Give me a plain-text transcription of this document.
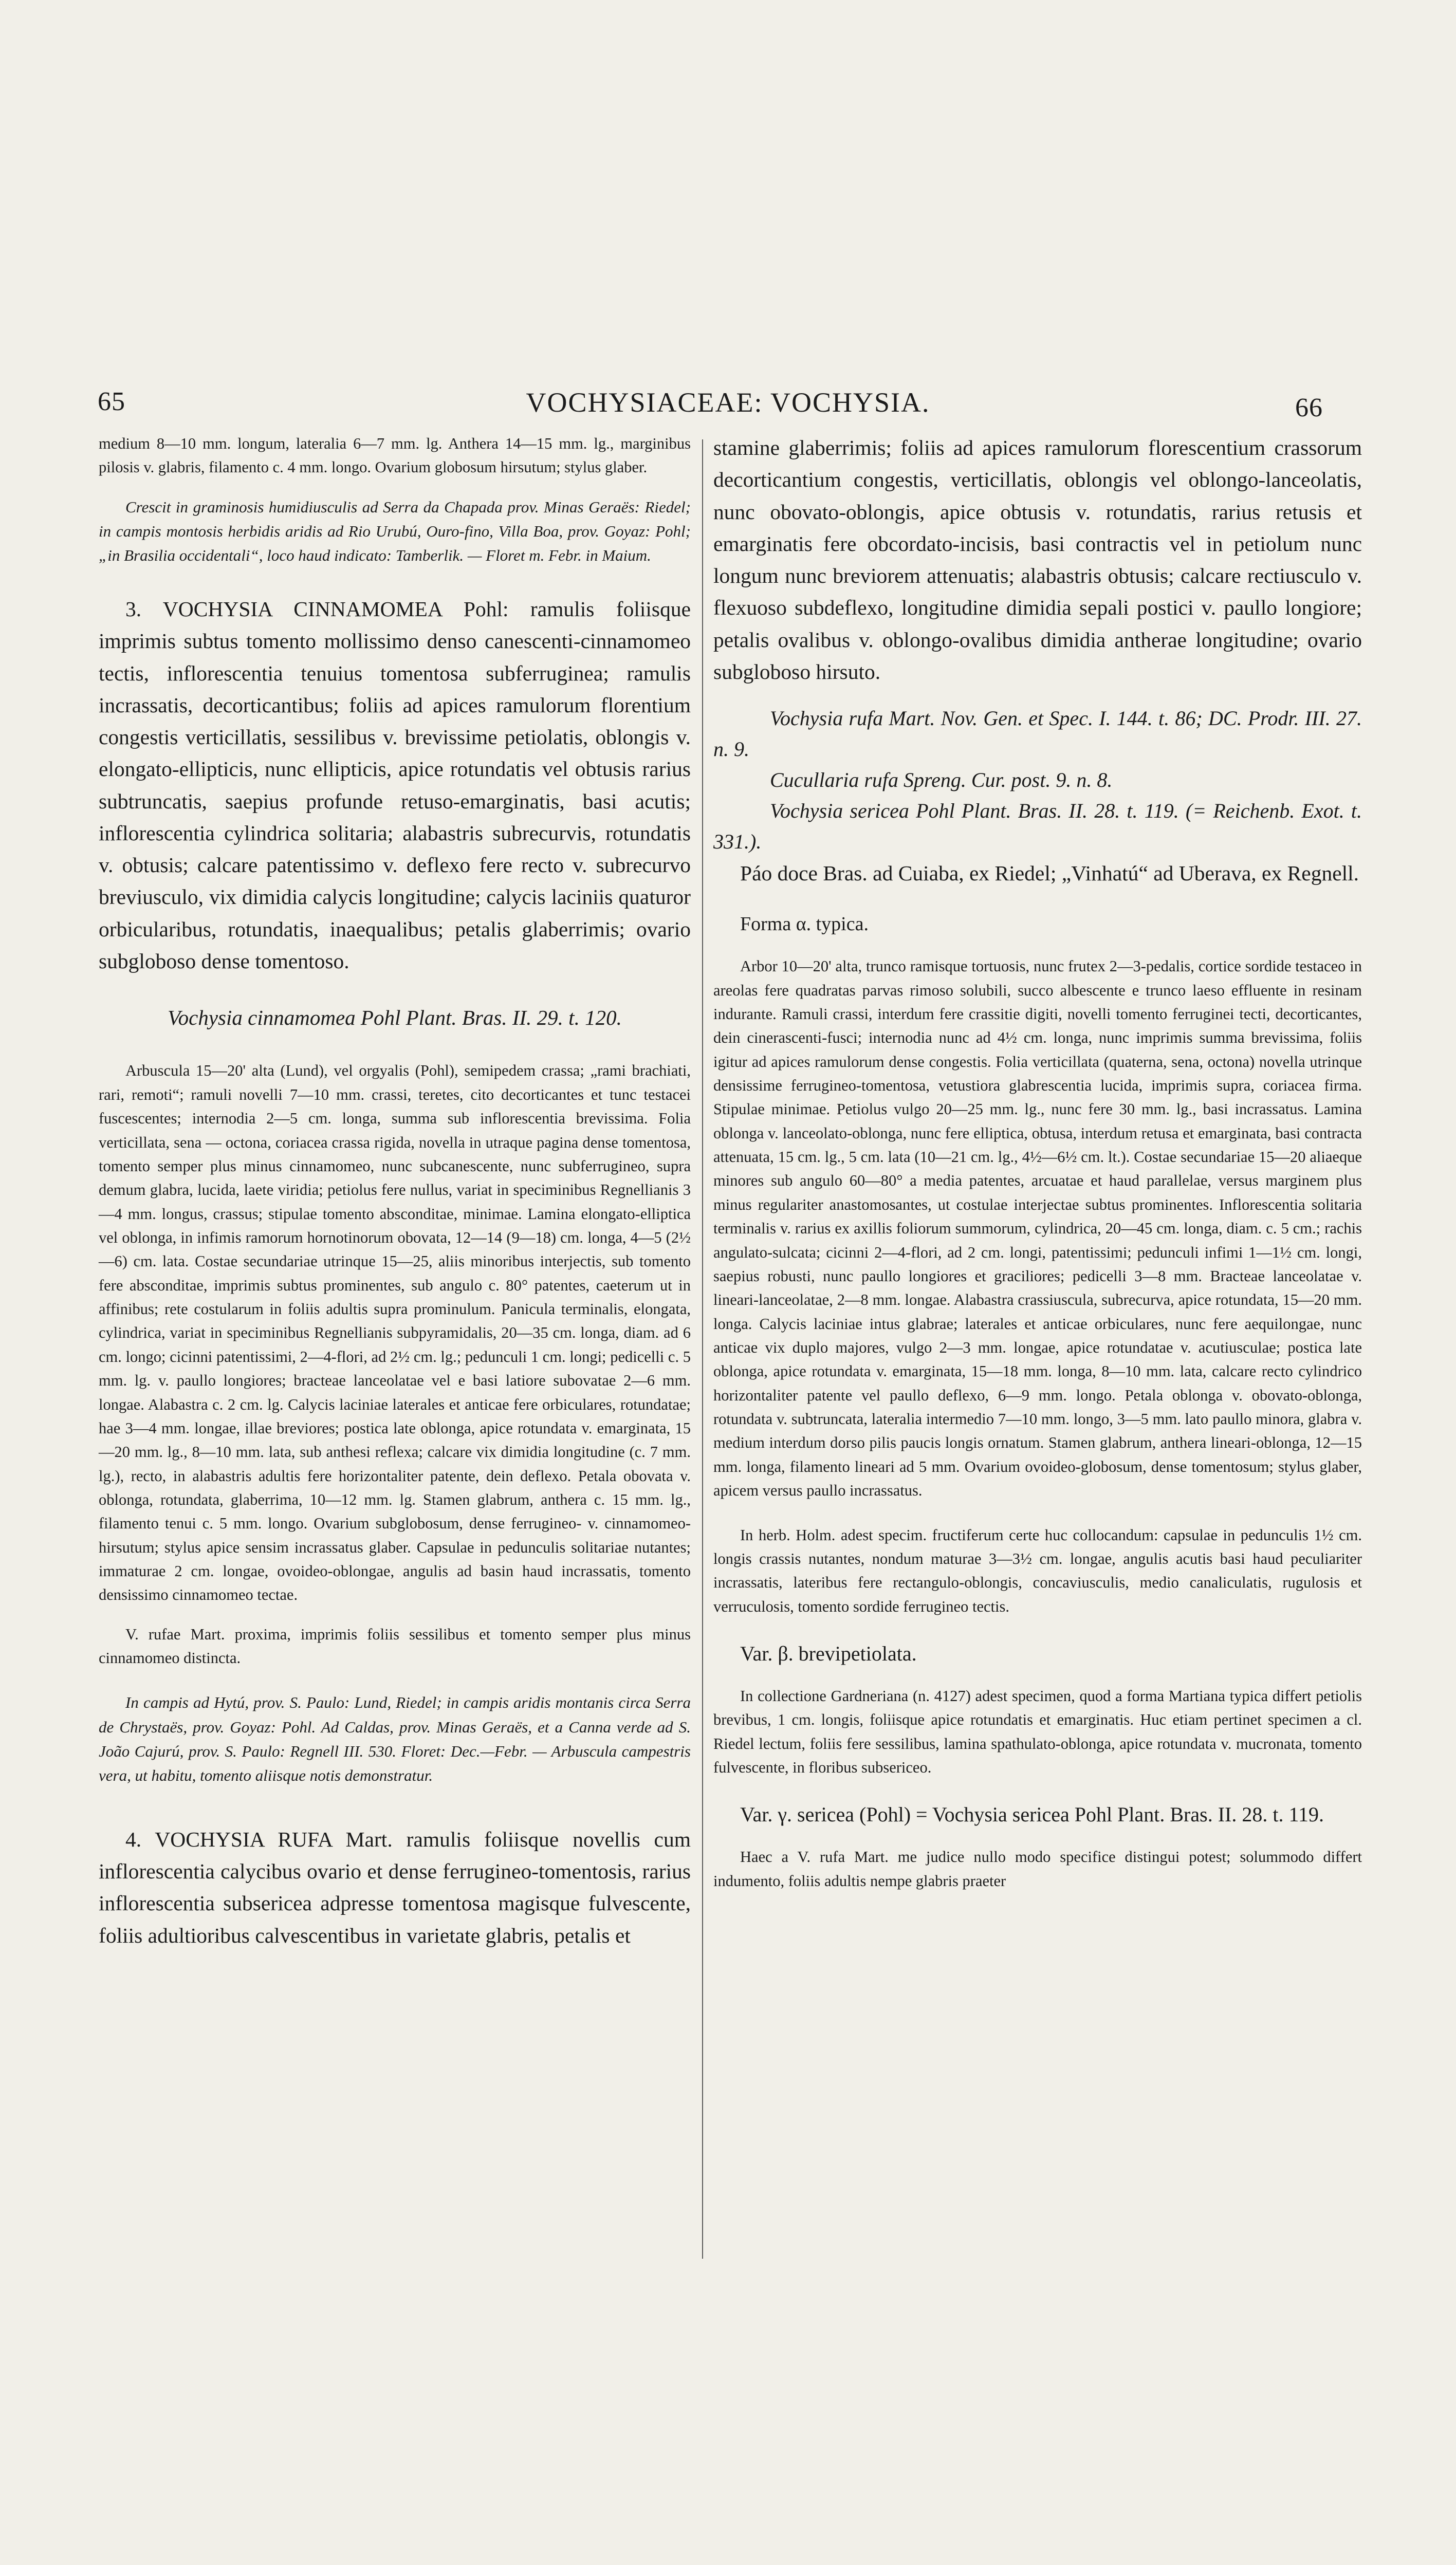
65	VOCHYSIACEAE: VOCHYSIA.	66

medium 8—10 mm. longum, lateralia 6—7 mm. lg. Anthera 14—15 mm. lg., marginibus pilosis v. glabris, filamento c. 4 mm. longo. Ovarium globosum hirsutum; stylus glaber.

Crescit in graminosis humidiusculis ad Serra da Chapada prov. Minas Geraës: Riedel; in campis montosis herbidis aridis ad Rio Urubú, Ouro-fino, Villa Boa, prov. Goyaz: Pohl; „in Brasilia occidentali“, loco haud indicato: Tamberlik. — Floret m. Febr. in Maium.

3. VOCHYSIA CINNAMOMEA Pohl: ramulis foliisque imprimis subtus tomento mollissimo denso canescenti-cinnamomeo tectis, inflorescentia tenuius tomentosa subferruginea; ramulis incrassatis, decorticantibus; foliis ad apices ramulorum florentium congestis verticillatis, sessilibus v. brevissime petiolatis, oblongis v. elongato-ellipticis, nunc ellipticis, apice rotundatis vel obtusis rarius subtruncatis, saepius profunde retuso-emarginatis, basi acutis; inflorescentia cylindrica solitaria; alabastris subrecurvis, rotundatis v. obtusis; calcare patentissimo v. deflexo fere recto v. subrecurvo breviusculo, vix dimidia calycis longitudine; calycis laciniis quaturor orbicularibus, rotundatis, inaequalibus; petalis glaberrimis; ovario subgloboso dense tomentoso.

Vochysia cinnamomea Pohl Plant. Bras. II. 29. t. 120.

Arbuscula 15—20' alta (Lund), vel orgyalis (Pohl), semipedem crassa; „rami brachiati, rari, remoti“; ramuli novelli 7—10 mm. crassi, teretes, cito decorticantes et tunc testacei fuscescentes; internodia 2—5 cm. longa, summa sub inflorescentia brevissima. Folia verticillata, sena — octona, coriacea crassa rigida, novella in utraque pagina dense tomentosa, tomento semper plus minus cinnamomeo, nunc subcanescente, nunc subferrugineo, supra demum glabra, lucida, laete viridia; petiolus fere nullus, variat in speciminibus Regnellianis 3—4 mm. longus, crassus; stipulae tomento absconditae, minimae. Lamina elongato-elliptica vel oblonga, in infimis ramorum hornotinorum obovata, 12—14 (9—18) cm. longa, 4—5 (2½—6) cm. lata. Costae secundariae utrinque 15—25, aliis minoribus interjectis, sub tomento fere absconditae, imprimis subtus prominentes, sub angulo c. 80° patentes, caeterum ut in affinibus; rete costularum in foliis adultis supra prominulum. Panicula terminalis, elongata, cylindrica, variat in speciminibus Regnellianis subpyramidalis, 20—35 cm. longa, diam. ad 6 cm. longo; cicinni patentissimi, 2—4-flori, ad 2½ cm. lg.; pedunculi 1 cm. longi; pedicelli c. 5 mm. lg. v. paullo longiores; bracteae lanceolatae vel e basi latiore subovatae 2—6 mm. longae. Alabastra c. 2 cm. lg. Calycis laciniae laterales et anticae fere orbiculares, rotundatae; hae 3—4 mm. longae, illae breviores; postica late oblonga, apice rotundata v. emarginata, 15—20 mm. lg., 8—10 mm. lata, sub anthesi reflexa; calcare vix dimidia longitudine (c. 7 mm. lg.), recto, in alabastris adultis fere horizontaliter patente, dein deflexo. Petala obovata v. oblonga, rotundata, glaberrima, 10—12 mm. lg. Stamen glabrum, anthera c. 15 mm. lg., filamento tenui c. 5 mm. longo. Ovarium subglobosum, dense ferrugineo- v. cinnamomeo-hirsutum; stylus apice sensim incrassatus glaber. Capsulae in pedunculis solitariae nutantes; immaturae 2 cm. longae, ovoideo-oblongae, angulis ad basin haud incrassatis, tomento densissimo cinnamomeo tectae.

V. rufae Mart. proxima, imprimis foliis sessilibus et tomento semper plus minus cinnamomeo distincta.

In campis ad Hytú, prov. S. Paulo: Lund, Riedel; in campis aridis montanis circa Serra de Chrystaës, prov. Goyaz: Pohl. Ad Caldas, prov. Minas Geraës, et a Canna verde ad S. João Cajurú, prov. S. Paulo: Regnell III. 530. Floret: Dec.—Febr. — Arbuscula campestris vera, ut habitu, tomento aliisque notis demonstratur.

4. VOCHYSIA RUFA Mart. ramulis foliisque novellis cum inflorescentia calycibus ovario et dense ferrugineo-tomentosis, rarius inflorescentia subsericea adpresse tomentosa magisque fulvescente, foliis adultioribus calvescentibus in varietate glabris, petalis et

stamine glaberrimis; foliis ad apices ramulorum florescentium crassorum decorticantium congestis, verticillatis, oblongis vel oblongo-lanceolatis, nunc obovato-oblongis, apice obtusis v. rotundatis, rarius retusis et emarginatis fere obcordato-incisis, basi contractis vel in petiolum nunc longum nunc breviorem attenuatis; alabastris obtusis; calcare rectiusculo v. flexuoso subdeflexo, longitudine dimidia sepali postici v. paullo longiore; petalis ovalibus v. oblongo-ovalibus dimidia antherae longitudine; ovario subgloboso hirsuto.

Vochysia rufa Mart. Nov. Gen. et Spec. I. 144. t. 86; DC. Prodr. III. 27. n. 9.

Cucullaria rufa Spreng. Cur. post. 9. n. 8.

Vochysia sericea Pohl Plant. Bras. II. 28. t. 119. (= Reichenb. Exot. t. 331.).

Páo doce Bras. ad Cuiaba, ex Riedel; „Vinhatú“ ad Uberava, ex Regnell.

Forma α. typica.

Arbor 10—20' alta, trunco ramisque tortuosis, nunc frutex 2—3-pedalis, cortice sordide testaceo in areolas fere quadratas parvas rimoso solubili, succo albescente e trunco laeso effluente in resinam indurante. Ramuli crassi, interdum fere crassitie digiti, novelli tomento ferruginei tecti, decorticantes, dein cinerascenti-fusci; internodia nunc ad 4½ cm. longa, nunc imprimis summa brevissima, foliis igitur ad apices ramulorum dense congestis. Folia verticillata (quaterna, sena, octona) novella utrinque densissime ferrugineo-tomentosa, vetustiora glabrescentia lucida, imprimis supra, coriacea firma. Stipulae minimae. Petiolus vulgo 20—25 mm. lg., nunc fere 30 mm. lg., basi incrassatus. Lamina oblonga v. lanceolato-oblonga, nunc fere elliptica, obtusa, interdum retusa et emarginata, basi contracta attenuata, 15 cm. lg., 5 cm. lata (10—21 cm. lg., 4½—6½ cm. lt.). Costae secundariae 15—20 aliaeque minores sub angulo 60—80° a media patentes, arcuatae et haud parallelae, versus marginem plus minus regulariter anastomosantes, ut costulae interjectae subtus prominentes. Inflorescentia solitaria terminalis v. rarius ex axillis foliorum summorum, cylindrica, 20—45 cm. longa, diam. c. 5 cm.; rachis angulato-sulcata; cicinni 2—4-flori, ad 2 cm. longi, patentissimi; pedunculi infimi 1—1½ cm. longi, saepius robusti, nunc paullo longiores et graciliores; pedicelli 3—8 mm. Bracteae lanceolatae v. lineari-lanceolatae, 2—8 mm. longae. Alabastra crassiuscula, subrecurva, apice rotundata, 15—20 mm. longa. Calycis laciniae intus glabrae; laterales et anticae orbiculares, nunc fere aequilongae, nunc anticae vix duplo majores, vulgo 2—3 mm. longae, apice rotundatae v. acutiusculae; postica late oblonga, apice rotundata v. emarginata, 15—18 mm. longa, 8—10 mm. lata, calcare recto cylindrico horizontaliter patente vel paullo deflexo, 6—9 mm. longo. Petala oblonga v. obovato-oblonga, rotundata v. subtruncata, lateralia intermedio 7—10 mm. longo, 3—5 mm. lato paullo minora, glabra v. medium interdum dorso pilis paucis longis ornatum. Stamen glabrum, anthera lineari-oblonga, 12—15 mm. longa, filamento lineari ad 5 mm. Ovarium ovoideo-globosum, dense tomentosum; stylus glaber, apicem versus paullo incrassatus.

In herb. Holm. adest specim. fructiferum certe huc collocandum: capsulae in pedunculis 1½ cm. longis crassis nutantes, nondum maturae 3—3½ cm. longae, angulis acutis basi haud peculiariter incrassatis, lateribus fere rectangulo-oblongis, concaviusculis, medio canaliculatis, rugulosis et verruculosis, tomento sordide ferrugineo tectis.

Var. β. brevipetiolata.

In collectione Gardneriana (n. 4127) adest specimen, quod a forma Martiana typica differt petiolis brevibus, 1 cm. longis, foliisque apice rotundatis et emarginatis. Huc etiam pertinet specimen a cl. Riedel lectum, foliis fere sessilibus, lamina spathulato-oblonga, apice rotundata v. mucronata, tomento fulvescente, in floribus subsericeo.

Var. γ. sericea (Pohl) = Vochysia sericea Pohl Plant. Bras. II. 28. t. 119.

Haec a V. rufa Mart. me judice nullo modo specifice distingui potest; solummodo differt indumento, foliis adultis nempe glabris praeter
